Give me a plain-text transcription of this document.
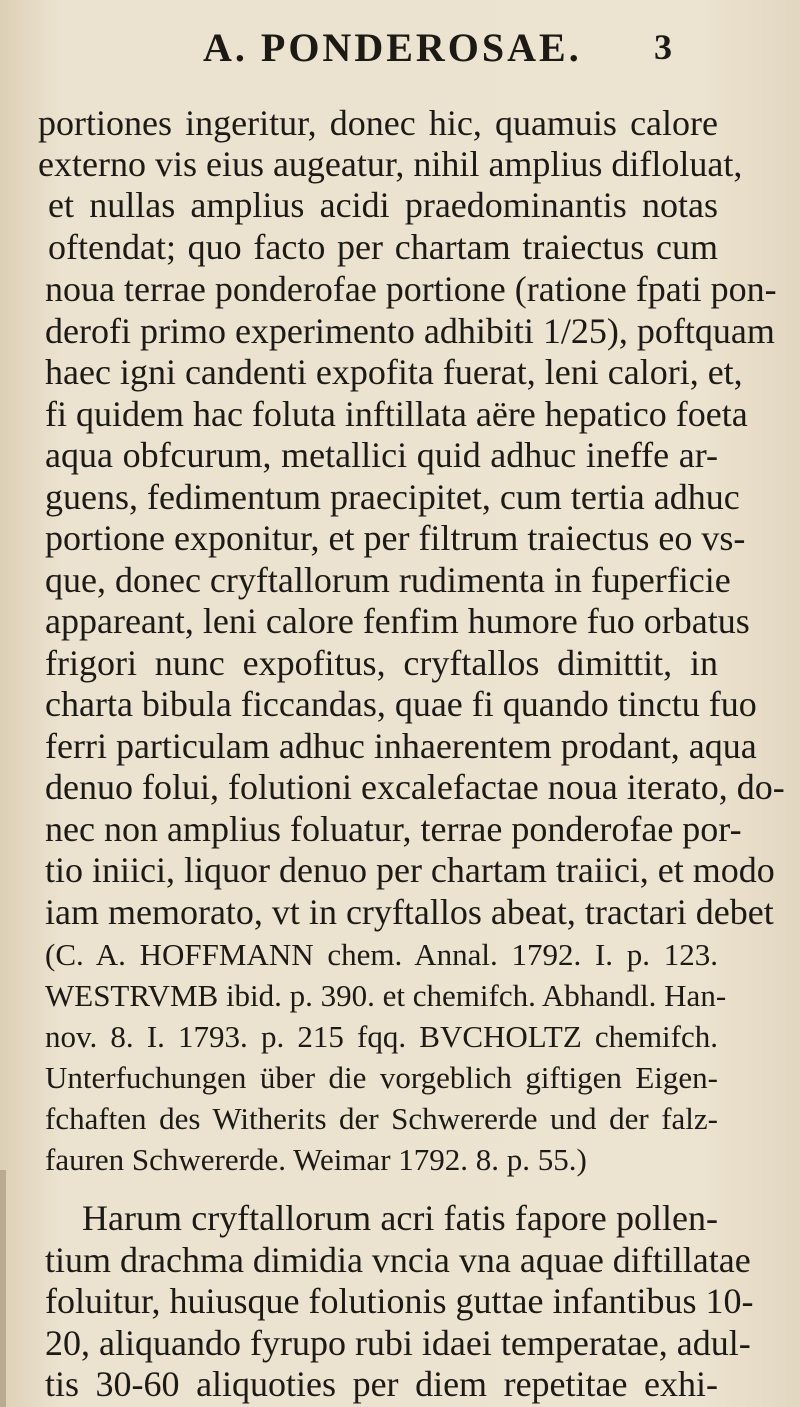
A. PONDEROSAE. 3
portiones ingeritur, donec hic, quamuis calore
externo vis eius augeatur, nihil amplius difloluat,
et nullas amplius acidi praedominantis notas
oftendat; quo facto per chartam traiectus cum
noua terrae ponderofae portione (ratione fpati pon-
derofi primo experimento adhibiti 1/25), poftquam
haec igni candenti expofita fuerat, leni calori, et,
fi quidem hac foluta inftillata aëre hepatico foeta
aqua obfcurum, metallici quid adhuc ineffe ar-
guens, fedimentum praecipitet, cum tertia adhuc
portione exponitur, et per filtrum traiectus eo vs-
que, donec cryftallorum rudimenta in fuperficie
appareant, leni calore fenfim humore fuo orbatus
frigori nunc expofitus, cryftallos dimittit, in
charta bibula ficcandas, quae fi quando tinctu fuo
ferri particulam adhuc inhaerentem prodant, aqua
denuo folui, folutioni excalefactae noua iterato, do-
nec non amplius foluatur, terrae ponderofae por-
tio iniici, liquor denuo per chartam traiici, et modo
iam memorato, vt in cryftallos abeat, tractari debet
(C. A. HOFFMANN chem. Annal. 1792. I. p. 123.
WESTRVMB ibid. p. 390. et chemifch. Abhandl. Han-
nov. 8. I. 1793. p. 215 fqq. BVCHOLTZ chemifch.
Unterfuchungen über die vorgeblich giftigen Eigen-
fchaften des Witherits der Schwererde und der falz-
fauren Schwererde. Weimar 1792. 8. p. 55.)
Harum cryftallorum acri fatis fapore pollen-
tium drachma dimidia vncia vna aquae diftillatae
foluitur, huiusque folutionis guttae infantibus 10-
20, aliquando fyrupo rubi idaei temperatae, adul-
tis 30-60 aliquoties per diem repetitae exhi-
